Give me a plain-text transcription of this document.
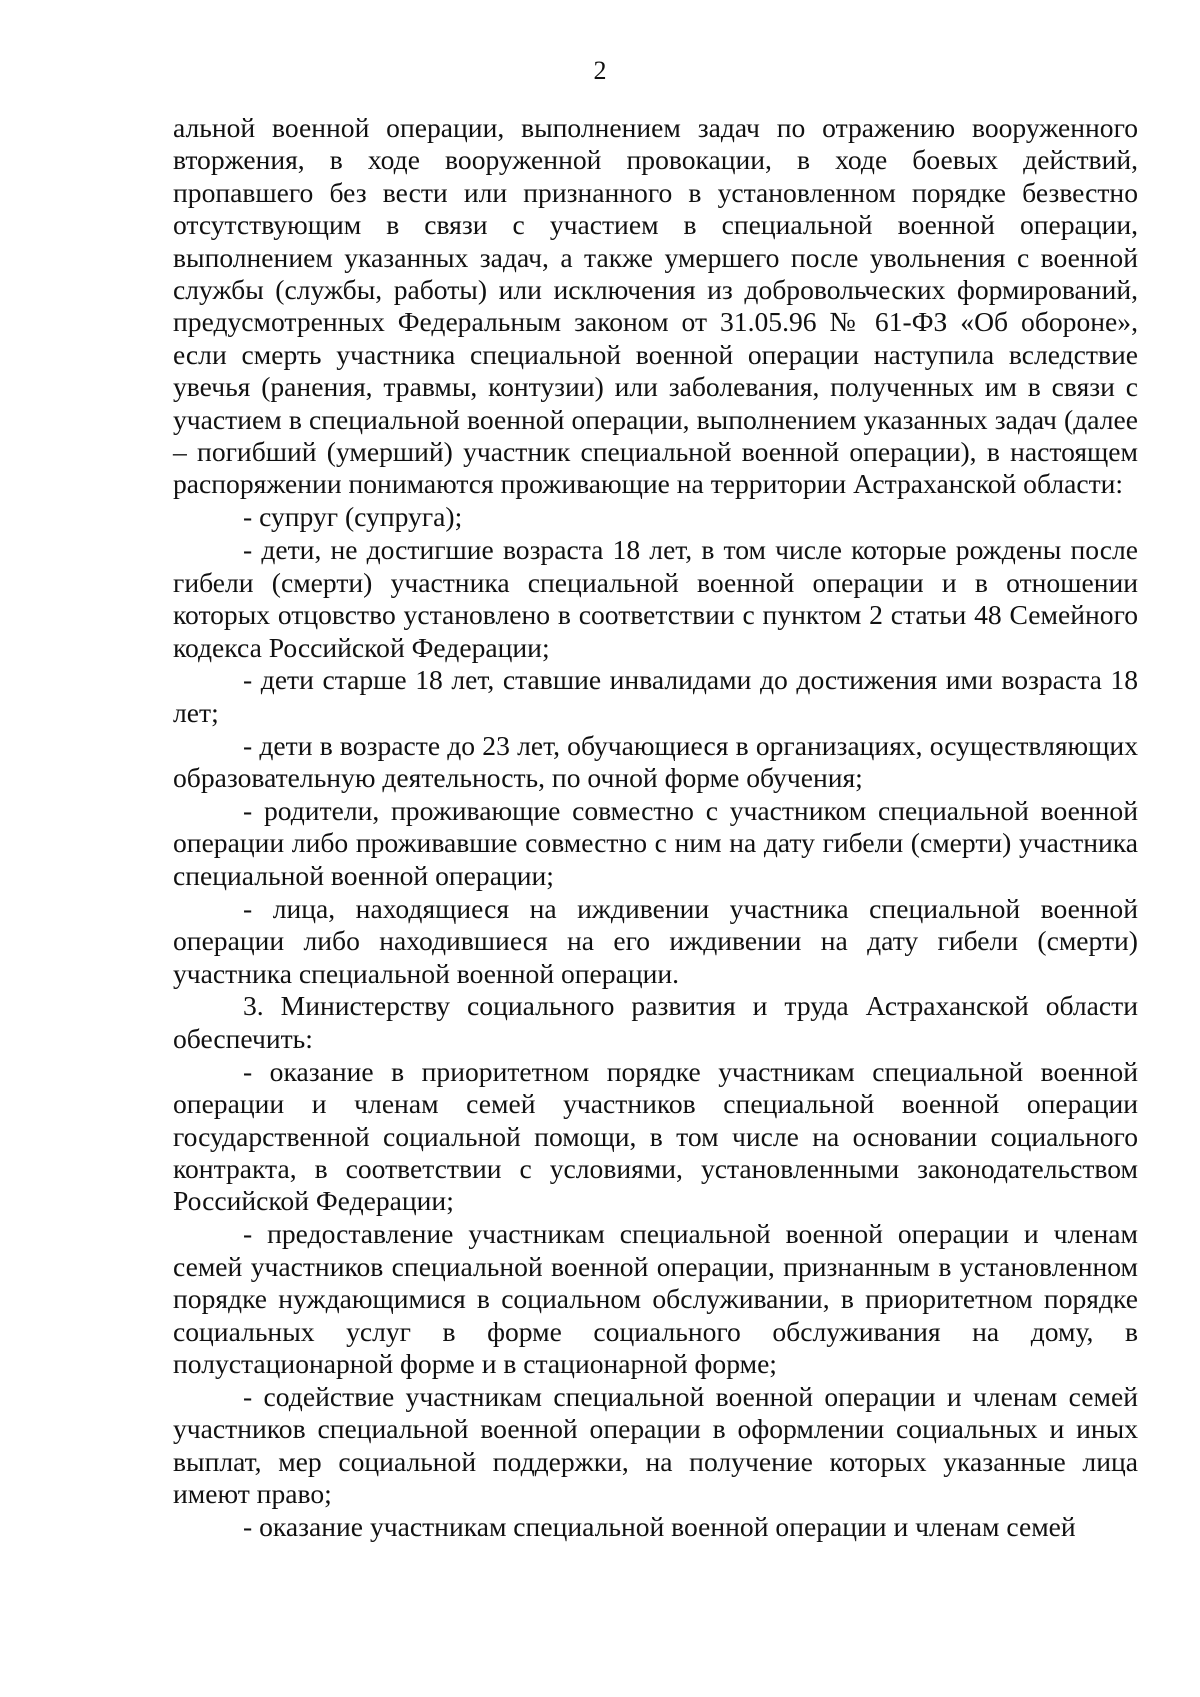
2

альной военной операции, выполнением задач по отражению вооруженного вторжения, в ходе вооруженной провокации, в ходе боевых действий, пропавшего без вести или признанного в установленном порядке безвестно отсутствующим в связи с участием в специальной военной операции, выполнением указанных задач, а также умершего после увольнения с военной службы (службы, работы) или исключения из добровольческих формирований, предусмотренных Федеральным законом от 31.05.96 № 61-ФЗ «Об обороне», если смерть участника специальной военной операции наступила вследствие увечья (ранения, травмы, контузии) или заболевания, полученных им в связи с участием в специальной военной операции, выполнением указанных задач (далее – погибший (умерший) участник специальной военной операции), в настоящем распоряжении понимаются проживающие на территории Астраханской области:

- супруг (супруга);

- дети, не достигшие возраста 18 лет, в том числе которые рождены после гибели (смерти) участника специальной военной операции и в отношении которых отцовство установлено в соответствии с пунктом 2 статьи 48 Семейного кодекса Российской Федерации;

- дети старше 18 лет, ставшие инвалидами до достижения ими возраста 18 лет;

- дети в возрасте до 23 лет, обучающиеся в организациях, осуществляющих образовательную деятельность, по очной форме обучения;

- родители, проживающие совместно с участником специальной военной операции либо проживавшие совместно с ним на дату гибели (смерти) участника специальной военной операции;

- лица, находящиеся на иждивении участника специальной военной операции либо находившиеся на его иждивении на дату гибели (смерти) участника специальной военной операции.

3. Министерству социального развития и труда Астраханской области обеспечить:

- оказание в приоритетном порядке участникам специальной военной операции и членам семей участников специальной военной операции государственной социальной помощи, в том числе на основании социального контракта, в соответствии с условиями, установленными законодательством Российской Федерации;

- предоставление участникам специальной военной операции и членам семей участников специальной военной операции, признанным в установленном порядке нуждающимися в социальном обслуживании, в приоритетном порядке социальных услуг в форме социального обслуживания на дому, в полустационарной форме и в стационарной форме;

- содействие участникам специальной военной операции и членам семей участников специальной военной операции в оформлении социальных и иных выплат, мер социальной поддержки, на получение которых указанные лица имеют право;

- оказание участникам специальной военной операции и членам семей
